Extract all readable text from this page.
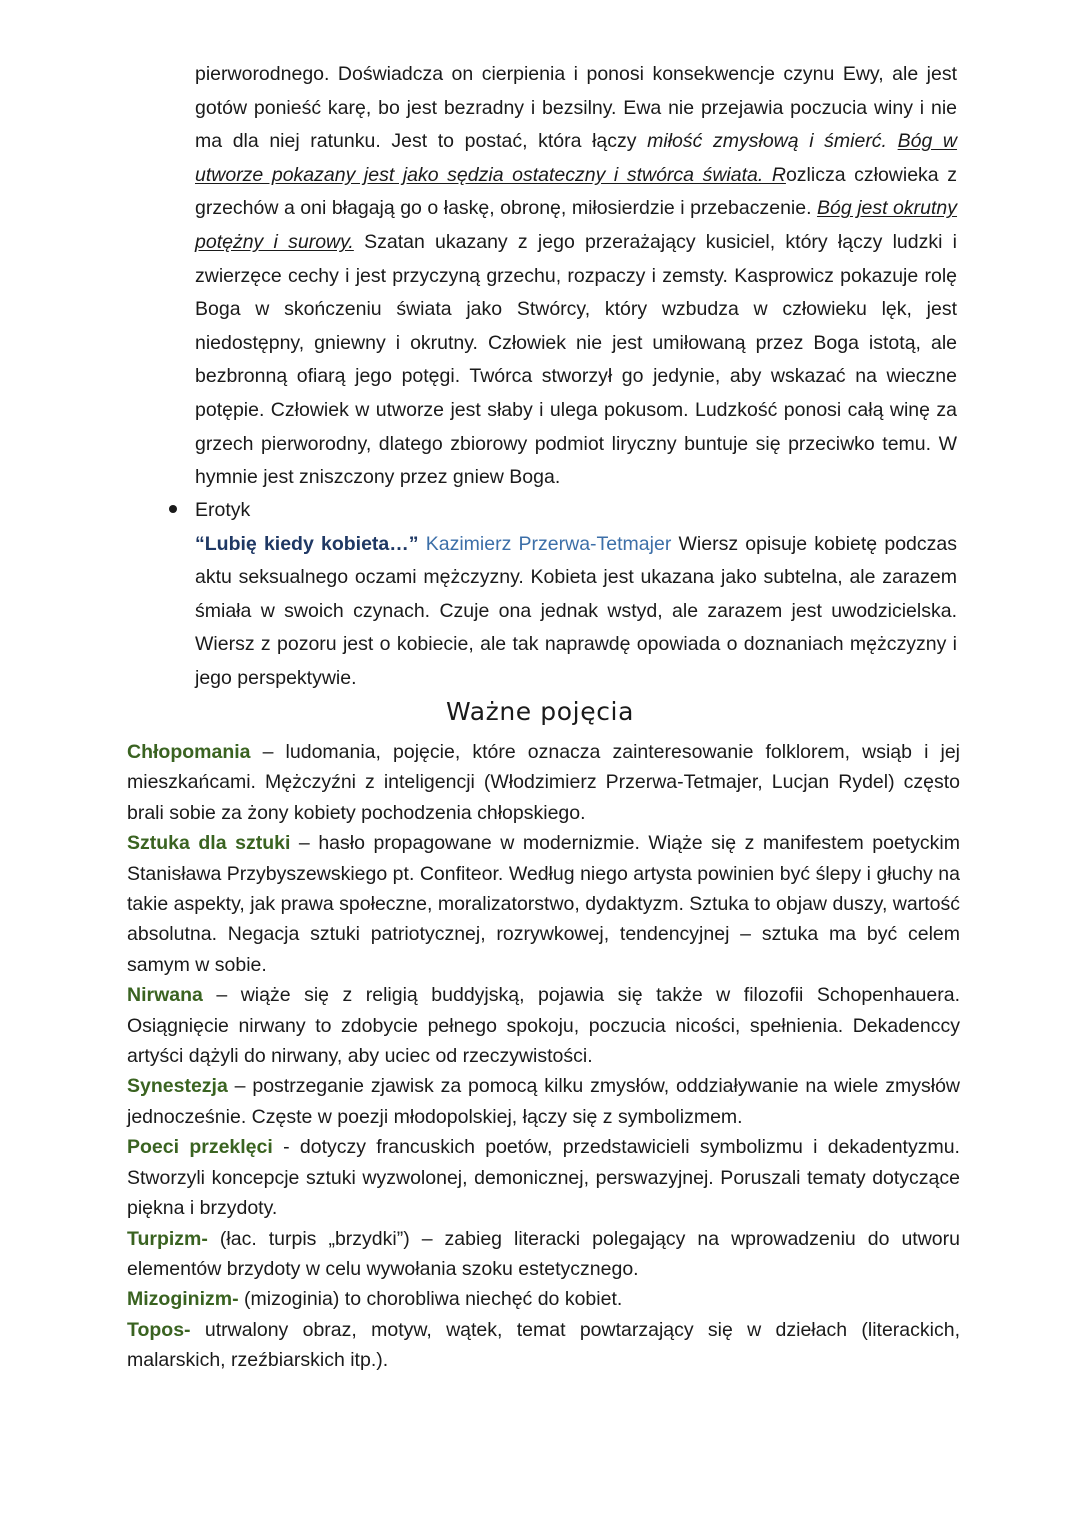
pierworodnego. Doświadcza on cierpienia i ponosi konsekwencje czynu Ewy, ale jest gotów ponieść karę, bo jest bezradny i bezsilny. Ewa nie przejawia poczucia winy i nie ma dla niej ratunku. Jest to postać, która łączy miłość zmysłową i śmierć. Bóg w utworze pokazany jest jako sędzia ostateczny i stwórca świata. Rozlicza człowieka z grzechów a oni błagają go o łaskę, obronę, miłosierdzie i przebaczenie. Bóg jest okrutny potężny i surowy. Szatan ukazany z jego przerażający kusiciel, który łączy ludzki i zwierzęce cechy i jest przyczyną grzechu, rozpaczy i zemsty. Kasprowicz pokazuje rolę Boga w skończeniu świata jako Stwórcy, który wzbudza w człowieku lęk, jest niedostępny, gniewny i okrutny. Człowiek nie jest umiłowaną przez Boga istotą, ale bezbronną ofiarą jego potęgi. Twórca stworzył go jedynie, aby wskazać na wieczne potępie. Człowiek w utworze jest słaby i ulega pokusom. Ludzkość ponosi całą winę za grzech pierworodny, dlatego zbiorowy podmiot liryczny buntuje się przeciwko temu. W hymnie jest zniszczony przez gniew Boga.

Erotyk

“Lubię kiedy kobieta…” Kazimierz Przerwa-Tetmajer Wiersz opisuje kobietę podczas aktu seksualnego oczami mężczyzny. Kobieta jest ukazana jako subtelna, ale zarazem śmiała w swoich czynach. Czuje ona jednak wstyd, ale zarazem jest uwodzicielska. Wiersz z pozoru jest o kobiecie, ale tak naprawdę opowiada o doznaniach mężczyzny i jego perspektywie.

Ważne pojęcia

Chłopomania – ludomania, pojęcie, które oznacza zainteresowanie folklorem, wsiąb i jej mieszkańcami. Mężczyźni z inteligencji (Włodzimierz Przerwa-Tetmajer, Lucjan Rydel) często brali sobie za żony kobiety pochodzenia chłopskiego.

Sztuka dla sztuki – hasło propagowane w modernizmie. Wiąże się z manifestem poetyckim Stanisława Przybyszewskiego pt. Confiteor. Według niego artysta powinien być ślepy i głuchy na takie aspekty, jak prawa społeczne, moralizatorstwo, dydaktyzm. Sztuka to objaw duszy, wartość absolutna. Negacja sztuki patriotycznej, rozrywkowej, tendencyjnej – sztuka ma być celem samym w sobie.

Nirwana – wiąże się z religią buddyjską, pojawia się także w filozofii Schopenhauera. Osiągnięcie nirwany to zdobycie pełnego spokoju, poczucia nicości, spełnienia. Dekadenccy artyści dążyli do nirwany, aby uciec od rzeczywistości.

Synestezja – postrzeganie zjawisk za pomocą kilku zmysłów, oddziaływanie na wiele zmysłów jednocześnie. Częste w poezji młodopolskiej, łączy się z symbolizmem.

Poeci przeklęci - dotyczy francuskich poetów, przedstawicieli symbolizmu i dekadentyzmu. Stworzyli koncepcje sztuki wyzwolonej, demonicznej, perswazyjnej. Poruszali tematy dotyczące piękna i brzydoty.

Turpizm- (łac. turpis „brzydki”) – zabieg literacki polegający na wprowadzeniu do utworu elementów brzydoty w celu wywołania szoku estetycznego.

Mizoginizm- (mizoginia) to chorobliwa niechęć do kobiet.

Topos- utrwalony obraz, motyw, wątek, temat powtarzający się w dziełach (literackich, malarskich, rzeźbiarskich itp.).
